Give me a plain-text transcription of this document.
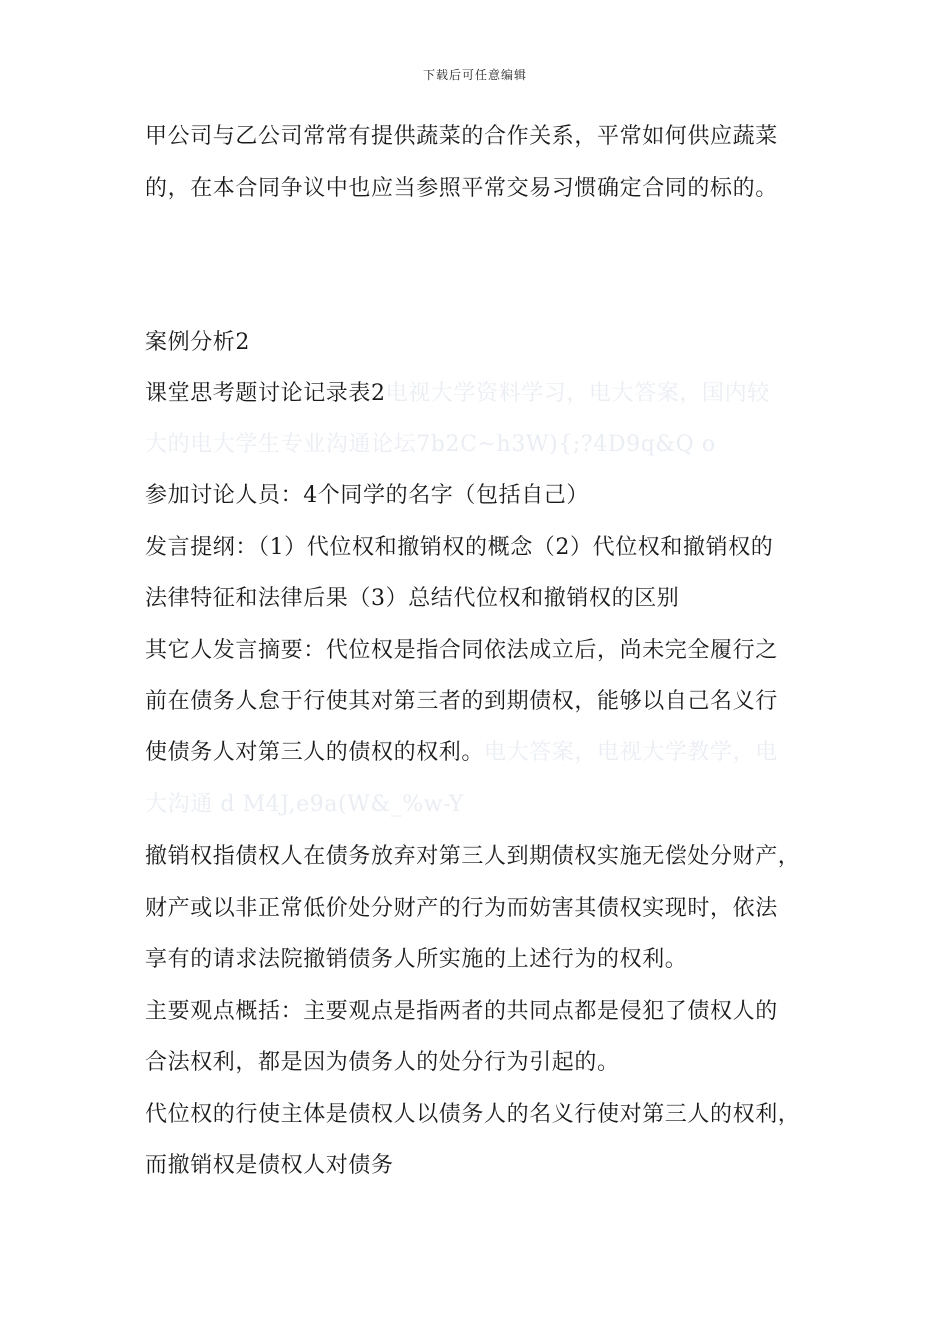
下载后可任意编辑
甲公司与乙公司常常有提供蔬菜的合作关系，平常如何供应蔬菜
的，在本合同争议中也应当参照平常交易习惯确定合同的标的。
案例分析2
课堂思考题讨论记录表2电视大学资料学习，电大答案，国内较
大的电大学生专业沟通论坛7b2C~h3W){;?4D9q&Q o
参加讨论人员：4个同学的名字（包括自己）
发言提纲：（1）代位权和撤销权的概念（2）代位权和撤销权的
法律特征和法律后果（3）总结代位权和撤销权的区别
其它人发言摘要：代位权是指合同依法成立后，尚未完全履行之
前在债务人怠于行使其对第三者的到期债权，能够以自己名义行
使债务人对第三人的债权的权利。电大答案，电视大学教学，电
大沟通 d M4J,e9a(W&_%w-Y
撤销权指债权人在债务放弃对第三人到期债权实施无偿处分财产，
财产或以非正常低价处分财产的行为而妨害其债权实现时，依法
享有的请求法院撤销债务人所实施的上述行为的权利。
主要观点概括：主要观点是指两者的共同点都是侵犯了债权人的
合法权利，都是因为债务人的处分行为引起的。
代位权的行使主体是债权人以债务人的名义行使对第三人的权利，
而撤销权是债权人对债务
